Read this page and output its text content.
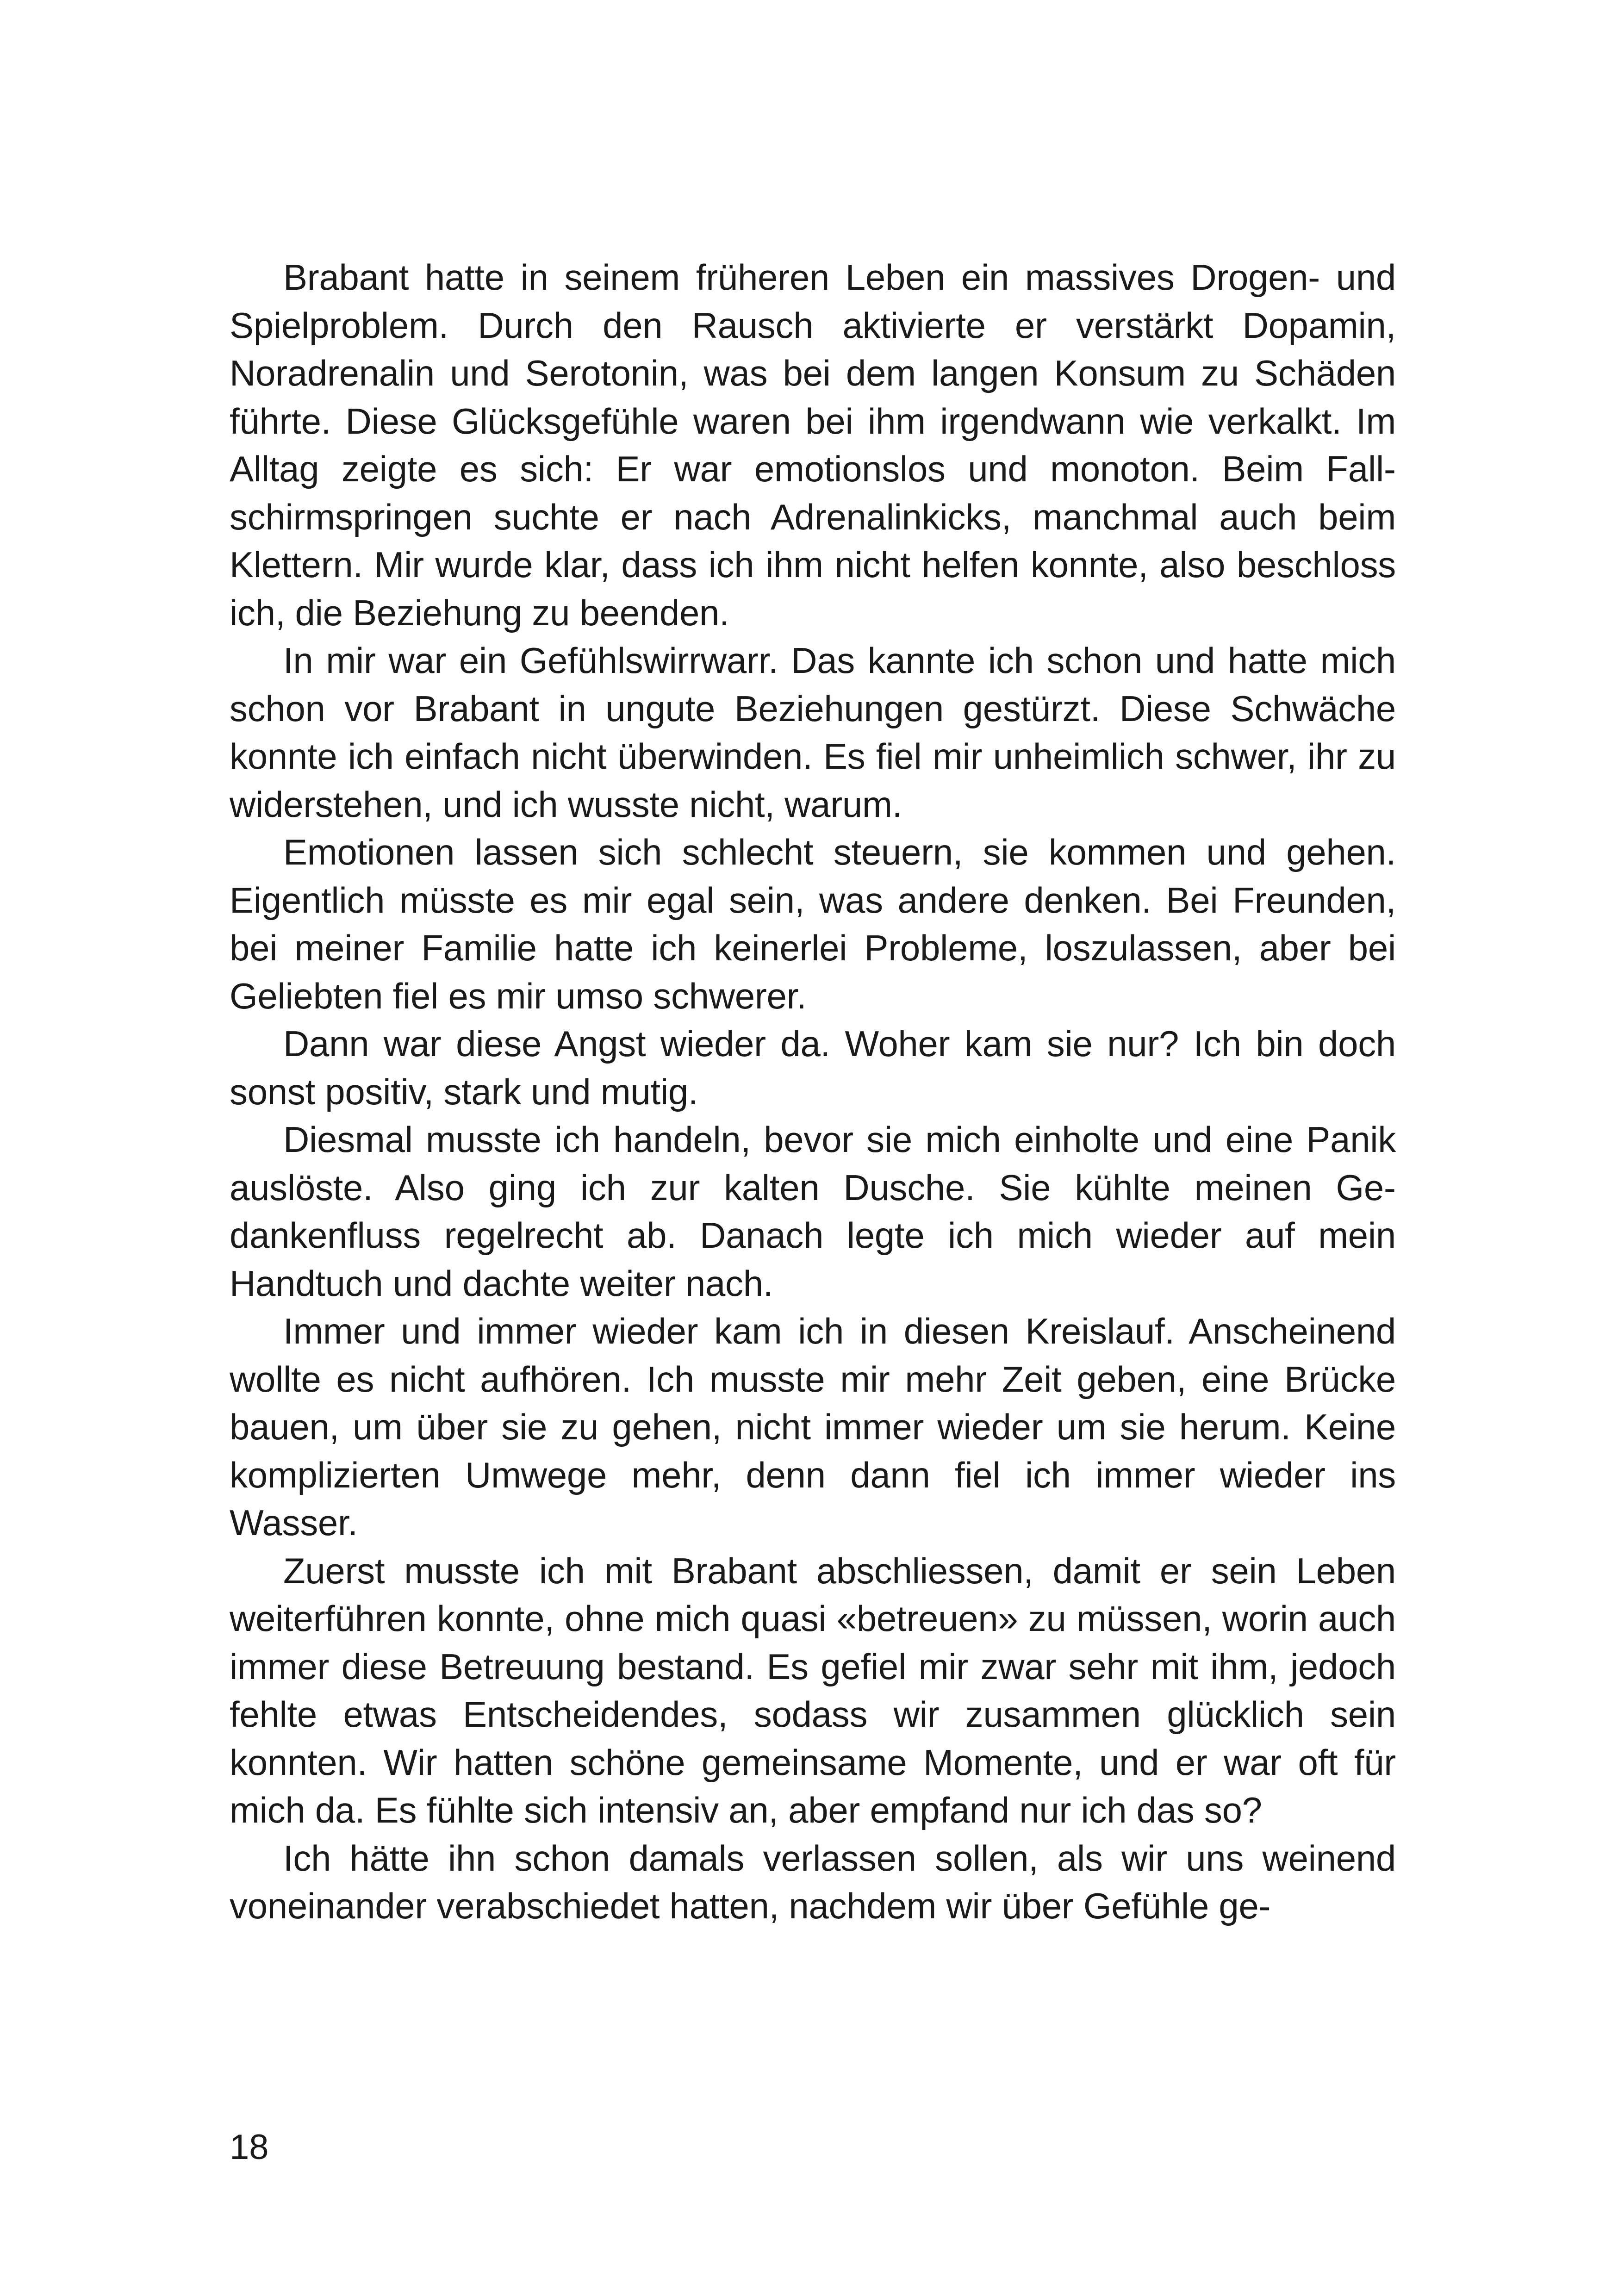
Brabant hatte in seinem früheren Leben ein massives Drogen- und Spielproblem. Durch den Rausch aktivierte er verstärkt Dopamin, Noradrenalin und Serotonin, was bei dem langen Konsum zu Schäden führte. Diese Glücksgefühle waren bei ihm irgendwann wie verkalkt. Im Alltag zeigte es sich: Er war emotionslos und monoton. Beim Fallschirmspringen suchte er nach Adrenalinkicks, manchmal auch beim Klettern. Mir wurde klar, dass ich ihm nicht helfen konnte, also beschloss ich, die Beziehung zu beenden.

In mir war ein Gefühlswirrwarr. Das kannte ich schon und hatte mich schon vor Brabant in ungute Beziehungen gestürzt. Diese Schwäche konnte ich einfach nicht überwinden. Es fiel mir unheimlich schwer, ihr zu widerstehen, und ich wusste nicht, warum.

Emotionen lassen sich schlecht steuern, sie kommen und gehen. Eigentlich müsste es mir egal sein, was andere denken. Bei Freunden, bei meiner Familie hatte ich keinerlei Probleme, loszulassen, aber bei Geliebten fiel es mir umso schwerer.

Dann war diese Angst wieder da. Woher kam sie nur? Ich bin doch sonst positiv, stark und mutig.

Diesmal musste ich handeln, bevor sie mich einholte und eine Panik auslöste. Also ging ich zur kalten Dusche. Sie kühlte meinen Gedankenfluss regelrecht ab. Danach legte ich mich wieder auf mein Handtuch und dachte weiter nach.

Immer und immer wieder kam ich in diesen Kreislauf. Anscheinend wollte es nicht aufhören. Ich musste mir mehr Zeit geben, eine Brücke bauen, um über sie zu gehen, nicht immer wieder um sie herum. Keine komplizierten Umwege mehr, denn dann fiel ich immer wieder ins Wasser.

Zuerst musste ich mit Brabant abschliessen, damit er sein Leben weiterführen konnte, ohne mich quasi «betreuen» zu müssen, worin auch immer diese Betreuung bestand. Es gefiel mir zwar sehr mit ihm, jedoch fehlte etwas Entscheidendes, sodass wir zusammen glücklich sein konnten. Wir hatten schöne gemeinsame Momente, und er war oft für mich da. Es fühlte sich intensiv an, aber empfand nur ich das so?

Ich hätte ihn schon damals verlassen sollen, als wir uns weinend voneinander verabschiedet hatten, nachdem wir über Gefühle ge-

18
